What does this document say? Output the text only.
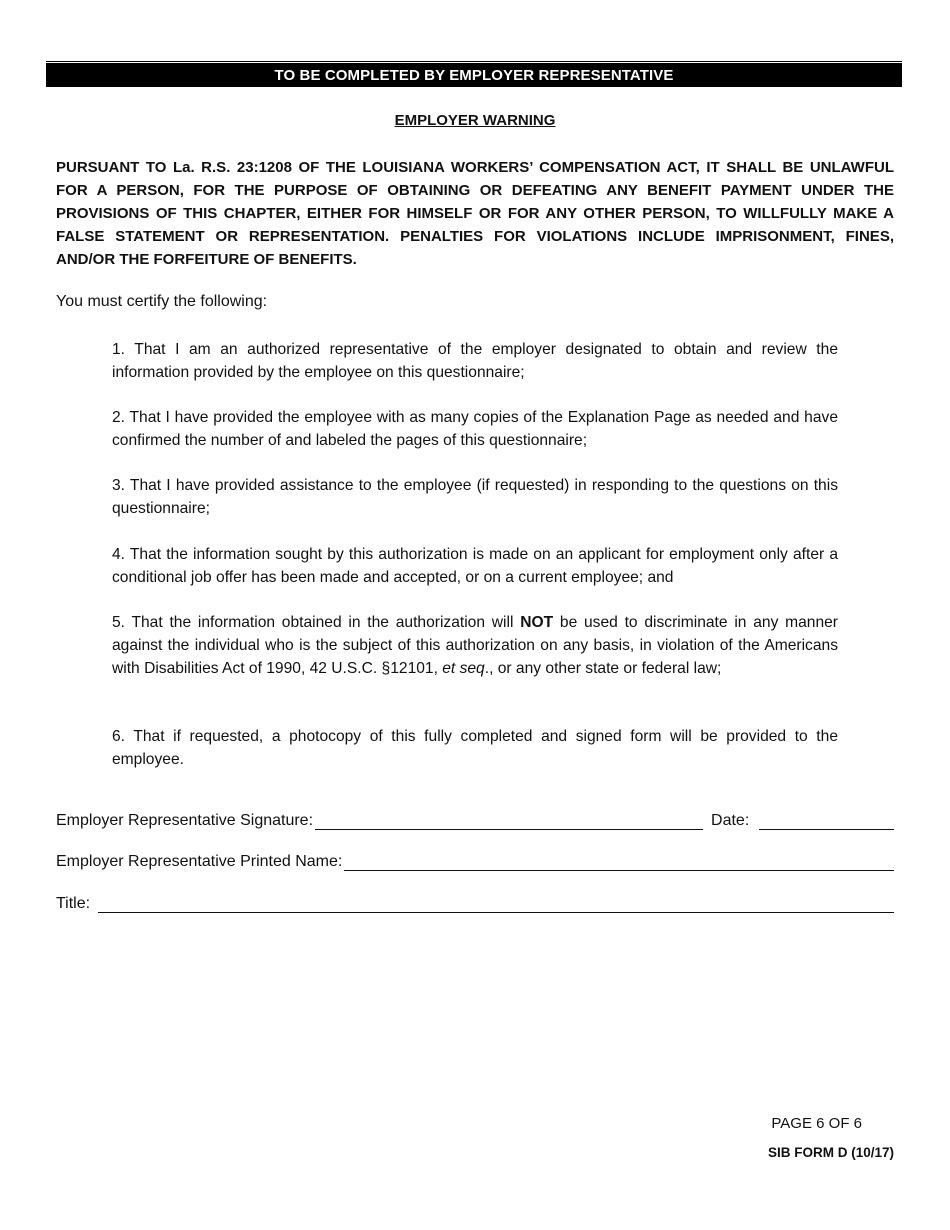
TO BE COMPLETED BY EMPLOYER REPRESENTATIVE
EMPLOYER WARNING
PURSUANT TO La. R.S. 23:1208 OF THE LOUISIANA WORKERS’ COMPENSATION ACT, IT SHALL BE UNLAWFUL FOR A PERSON, FOR THE PURPOSE OF OBTAINING OR DEFEATING ANY BENEFIT PAYMENT UNDER THE PROVISIONS OF THIS CHAPTER, EITHER FOR HIMSELF OR FOR ANY OTHER PERSON, TO WILLFULLY MAKE A FALSE STATEMENT OR REPRESENTATION. PENALTIES FOR VIOLATIONS INCLUDE IMPRISONMENT, FINES, AND/OR THE FORFEITURE OF BENEFITS.
You must certify the following:
1. That I am an authorized representative of the employer designated to obtain and review the information provided by the employee on this questionnaire;
2. That I have provided the employee with as many copies of the Explanation Page as needed and have confirmed the number of and labeled the pages of this questionnaire;
3. That I have provided assistance to the employee (if requested) in responding to the questions on this questionnaire;
4. That the information sought by this authorization is made on an applicant for employment only after a conditional job offer has been made and accepted, or on a current employee; and
5. That the information obtained in the authorization will NOT be used to discriminate in any manner against the individual who is the subject of this authorization on any basis, in violation of the Americans with Disabilities Act of 1990, 42 U.S.C. §12101, et seq., or any other state or federal law;
6. That if requested, a photocopy of this fully completed and signed form will be provided to the employee.
Employer Representative Signature:	Date:
Employer Representative Printed Name:
Title:
PAGE 6 OF 6
SIB FORM D (10/17)
